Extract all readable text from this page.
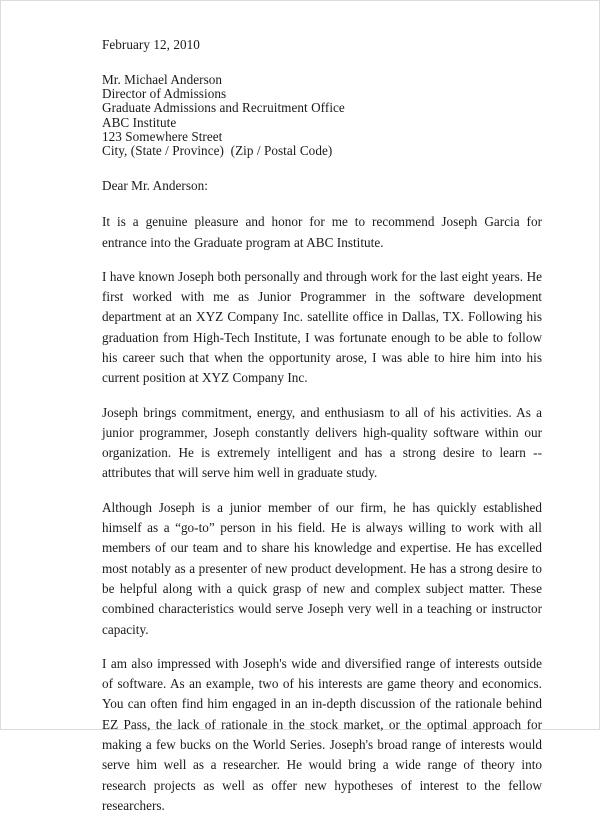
February 12, 2010
Mr. Michael Anderson
Director of Admissions
Graduate Admissions and Recruitment Office
ABC Institute
123 Somewhere Street
City, (State / Province)  (Zip / Postal Code)
Dear Mr. Anderson:

It is a genuine pleasure and honor for me to recommend Joseph Garcia for entrance into the Graduate program at ABC Institute.

I have known Joseph both personally and through work for the last eight years. He first worked with me as Junior Programmer in the software development department at an XYZ Company Inc. satellite office in Dallas, TX. Following his graduation from High-Tech Institute, I was fortunate enough to be able to follow his career such that when the opportunity arose, I was able to hire him into his current position at XYZ Company Inc.

Joseph brings commitment, energy, and enthusiasm to all of his activities. As a junior programmer, Joseph constantly delivers high-quality software within our organization. He is extremely intelligent and has a strong desire to learn -- attributes that will serve him well in graduate study.

Although Joseph is a junior member of our firm, he has quickly established himself as a “go-to” person in his field. He is always willing to work with all members of our team and to share his knowledge and expertise. He has excelled most notably as a presenter of new product development. He has a strong desire to be helpful along with a quick grasp of new and complex subject matter. These combined characteristics would serve Joseph very well in a teaching or instructor capacity.

I am also impressed with Joseph's wide and diversified range of interests outside of software. As an example, two of his interests are game theory and economics. You can often find him engaged in an in-depth discussion of the rationale behind EZ Pass, the lack of rationale in the stock market, or the optimal approach for making a few bucks on the World Series. Joseph's broad range of interests would serve him well as a researcher. He would bring a wide range of theory into research projects as well as offer new hypotheses of interest to the fellow researchers.
